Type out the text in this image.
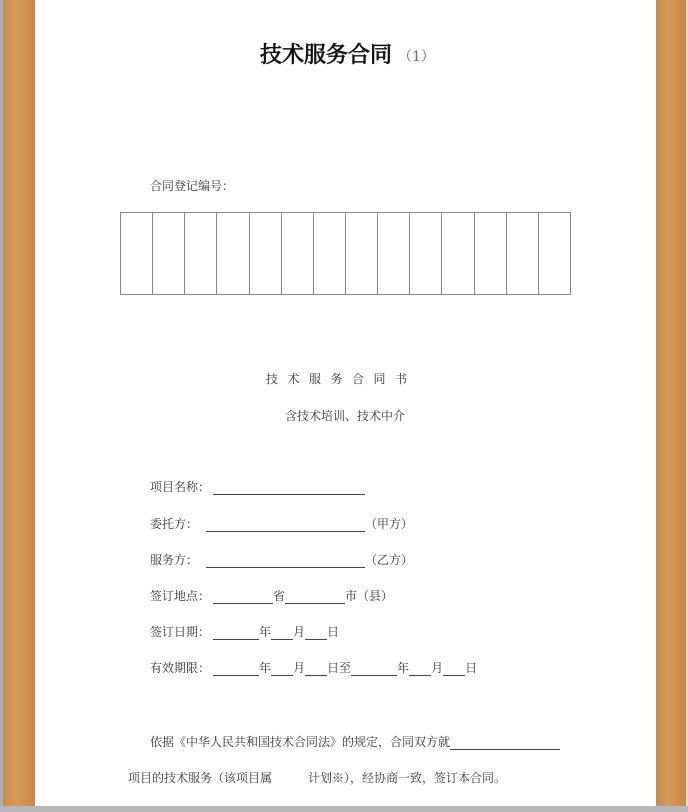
技术服务合同 （1）
合同登记编号：
技术服务合同书
含技术培训、技术中介
项目名称：
委托方：	（甲方）
服务方：	（乙方）
签订地点：	省	市（县）
签订日期：	年 月 日
有效期限：	年 月 日至	年 月 日
依据《中华人民共和国技术合同法》的规定，合同双方就
项目的技术服务（该项目属	计划※），经协商一致，签订本合同。
